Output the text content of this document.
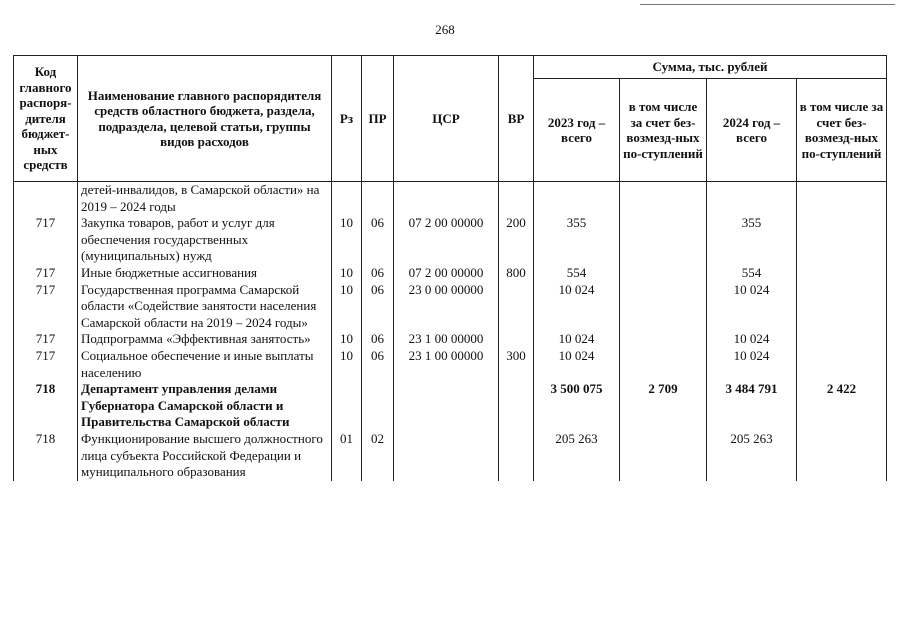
268
Код главного распоря-дителя бюджет-ных средств	Наименование главного распорядителя средств областного бюджета, раздела, подраздела, целевой статьи, группы видов расходов	Рз	ПР	ЦСР	ВР	Сумма, тыс. рублей			
						2023 год – всего	в том числе за счет без-возмезд-ных по-ступлений	2024 год – всего	в том числе за счет без-возмезд-ных по-ступлений
	детей-инвалидов, в Самарской области» на 2019 – 2024 годы								
717	Закупка товаров, работ и услуг для обеспечения государственных (муниципальных) нужд	10	06	07 2 00 00000	200	355		355	
717	Иные бюджетные ассигнования	10	06	07 2 00 00000	800	554		554	
717	Государственная программа Самарской области «Содействие занятости населения Самарской области на 2019 – 2024 годы»	10	06	23 0 00 00000		10 024		10 024	
717	Подпрограмма «Эффективная занятость»	10	06	23 1 00 00000		10 024		10 024	
717	Социальное обеспечение и иные выплаты населению	10	06	23 1 00 00000	300	10 024		10 024	
718	Департамент управления делами Губернатора Самарской области и Правительства Самарской области					3 500 075	2 709	3 484 791	2 422
718	Функционирование высшего должностного лица субъекта Российской Федерации и муниципального образования	01	02			205 263		205 263	
